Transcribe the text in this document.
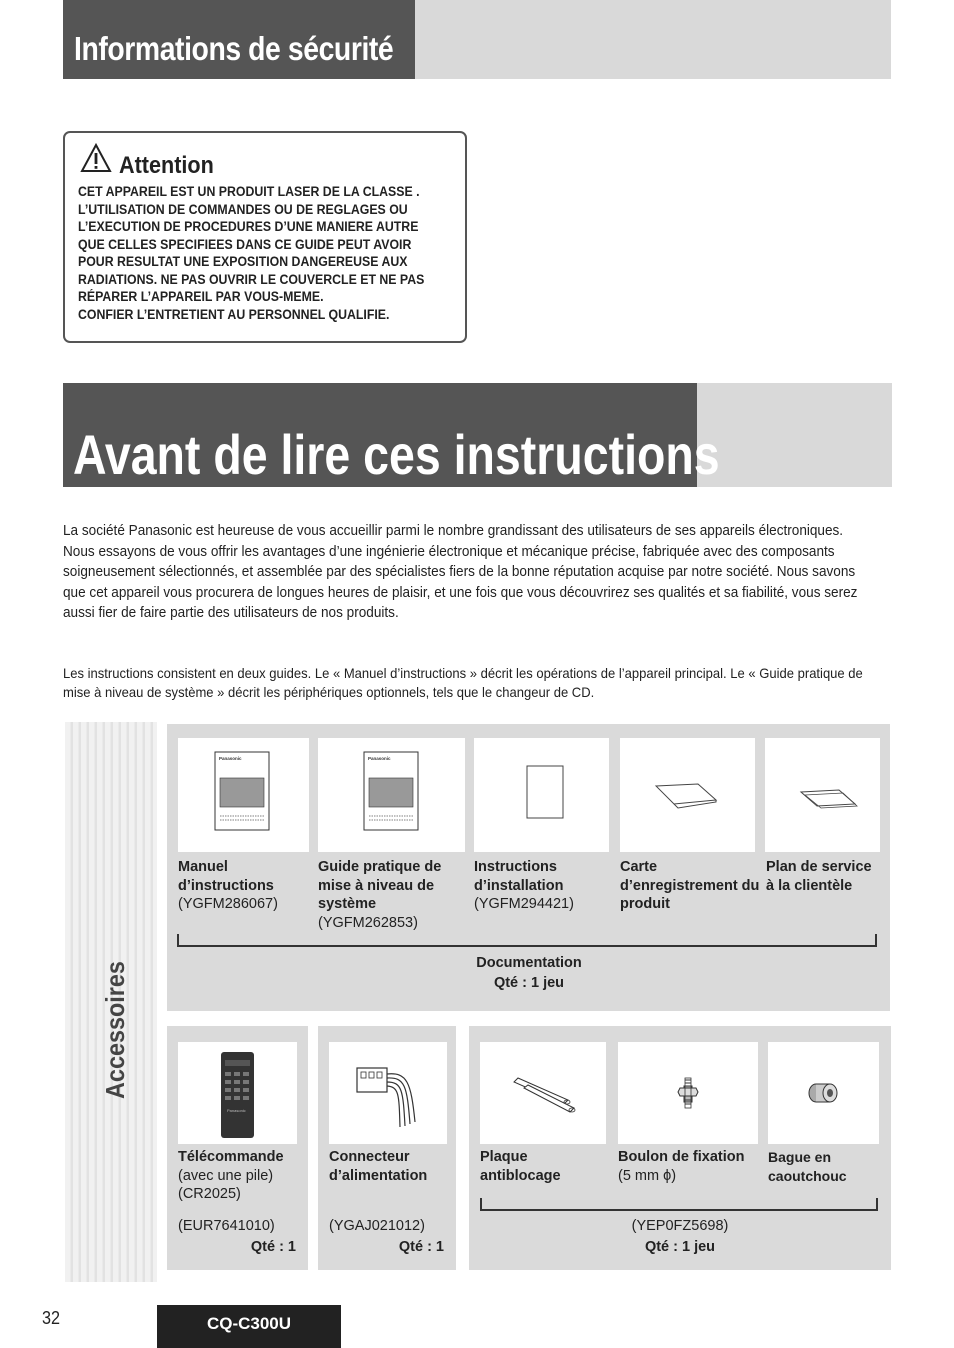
Informations de sécurité
Attention
CET APPAREIL EST UN PRODUIT LASER DE LA CLASSE .
L’UTILISATION DE COMMANDES OU DE REGLAGES OU
L’EXECUTION DE PROCEDURES D’UNE MANIERE AUTRE
QUE CELLES SPECIFIEES DANS CE GUIDE PEUT AVOIR
POUR RESULTAT UNE EXPOSITION DANGEREUSE AUX
RADIATIONS. NE PAS OUVRIR LE COUVERCLE ET NE PAS
RÉPARER L’APPAREIL PAR VOUS-MEME.
CONFIER L’ENTRETIENT AU PERSONNEL QUALIFIE.
Avant de lire ces instructions

La société Panasonic est heureuse de vous accueillir parmi le nombre grandissant des utilisateurs de ses appareils électroniques.

Nous essayons de vous offrir les avantages d’une ingénierie électronique et mécanique précise, fabriquée avec des composants soigneusement sélectionnés, et assemblée par des spécialistes fiers de la bonne réputation acquise par notre société. Nous savons que cet appareil vous procurera de longues heures de plaisir, et une fois que vous découvrirez ses qualités et sa fiabilité, vous serez aussi fier de faire partie des utilisateurs de nos produits.

Les instructions consistent en deux guides. Le « Manuel d’instructions » décrit les opérations de l’appareil principal. Le « Guide pratique de mise à niveau de système » décrit les périphériques optionnels, tels que le changeur de CD.
Accessoires
Panasonic	Panasonic
Manuel d’instructions
(YGFM286067)
Guide pratique de mise à niveau de système
(YGFM262853)
Instructions d’installation
(YGFM294421)
Carte d’enregistrement du produit
Plan de service à la clientèle
Documentation
Qté : 1 jeu
Panasonic
Télécommande
(avec une pile)
(CR2025)
(EUR7641010)
Qté : 1
Connecteur d’alimentation
(YGAJ021012)
Qté : 1
Plaque antiblocage
Boulon de fixation
(5 mm ϕ)
Bague en caoutchouc
(YEP0FZ5698)
Qté : 1 jeu
32	CQ-C300U
